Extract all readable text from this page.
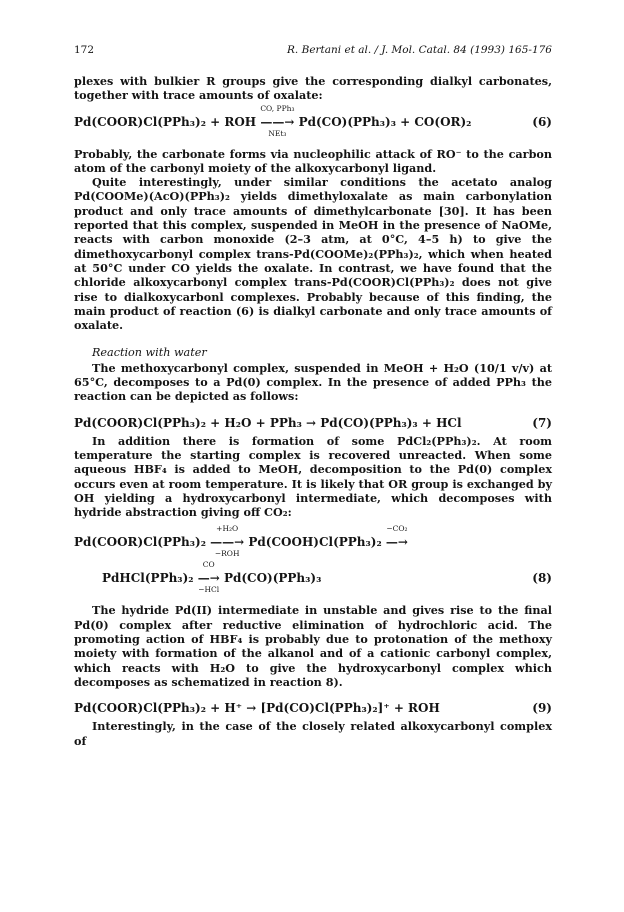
172	R. Bertani et al. / J. Mol. Catal. 84 (1993) 165-176

plexes with bulkier R groups give the corresponding dialkyl carbonates, together with trace amounts of oxalate:

Pd(COOR)Cl(PPh₃)₂ + ROH
CO, PPh₃
——→
NEt₃
Pd(CO)(PPh₃)₃ + CO(OR)₂	(6)

Probably, the carbonate forms via nucleophilic attack of RO⁻ to the carbon atom of the carbonyl moiety of the alkoxycarbonyl ligand.

Quite interestingly, under similar conditions the acetato analog Pd(COOMe)(AcO)(PPh₃)₂ yields dimethyloxalate as main carbonylation product and only trace amounts of dimethylcarbonate [30]. It has been reported that this complex, suspended in MeOH in the presence of NaOMe, reacts with carbon monoxide (2–3 atm, at 0°C, 4–5 h) to give the dimethoxycarbonyl complex trans-Pd(COOMe)₂(PPh₃)₂, which when heated at 50°C under CO yields the oxalate. In contrast, we have found that the chloride alkoxycarbonyl complex trans-Pd(COOR)Cl(PPh₃)₂ does not give rise to dialkoxycarbonl complexes. Probably because of this finding, the main product of reaction (6) is dialkyl carbonate and only trace amounts of oxalate.

Reaction with water

The methoxycarbonyl complex, suspended in MeOH + H₂O (10/1 v/v) at 65°C, decomposes to a Pd(0) complex. In the presence of added PPh₃ the reaction can be depicted as follows:

Pd(COOR)Cl(PPh₃)₂ + H₂O + PPh₃ → Pd(CO)(PPh₃)₃ + HCl	(7)

In addition there is formation of some PdCl₂(PPh₃)₂. At room temperature the starting complex is recovered unreacted. When some aqueous HBF₄ is added to MeOH, decomposition to the Pd(0) complex occurs even at room temperature. It is likely that OR group is exchanged by OH yielding a hydroxycarbonyl intermediate, which decomposes with hydride abstraction giving off CO₂:

Pd(COOR)Cl(PPh₃)₂
+H₂O
——→
−ROH
Pd(COOH)Cl(PPh₃)₂
−CO₂
—→
PdHCl(PPh₃)₂
CO
—→
−HCl
Pd(CO)(PPh₃)₃	(8)

The hydride Pd(II) intermediate in unstable and gives rise to the final Pd(0) complex after reductive elimination of hydrochloric acid. The promoting action of HBF₄ is probably due to protonation of the methoxy moiety with formation of the alkanol and of a cationic carbonyl complex, which reacts with H₂O to give the hydroxycarbonyl complex which decomposes as schematized in reaction 8).

Pd(COOR)Cl(PPh₃)₂ + H⁺ → [Pd(CO)Cl(PPh₃)₂]⁺ + ROH	(9)

Interestingly, in the case of the closely related alkoxycarbonyl complex of
